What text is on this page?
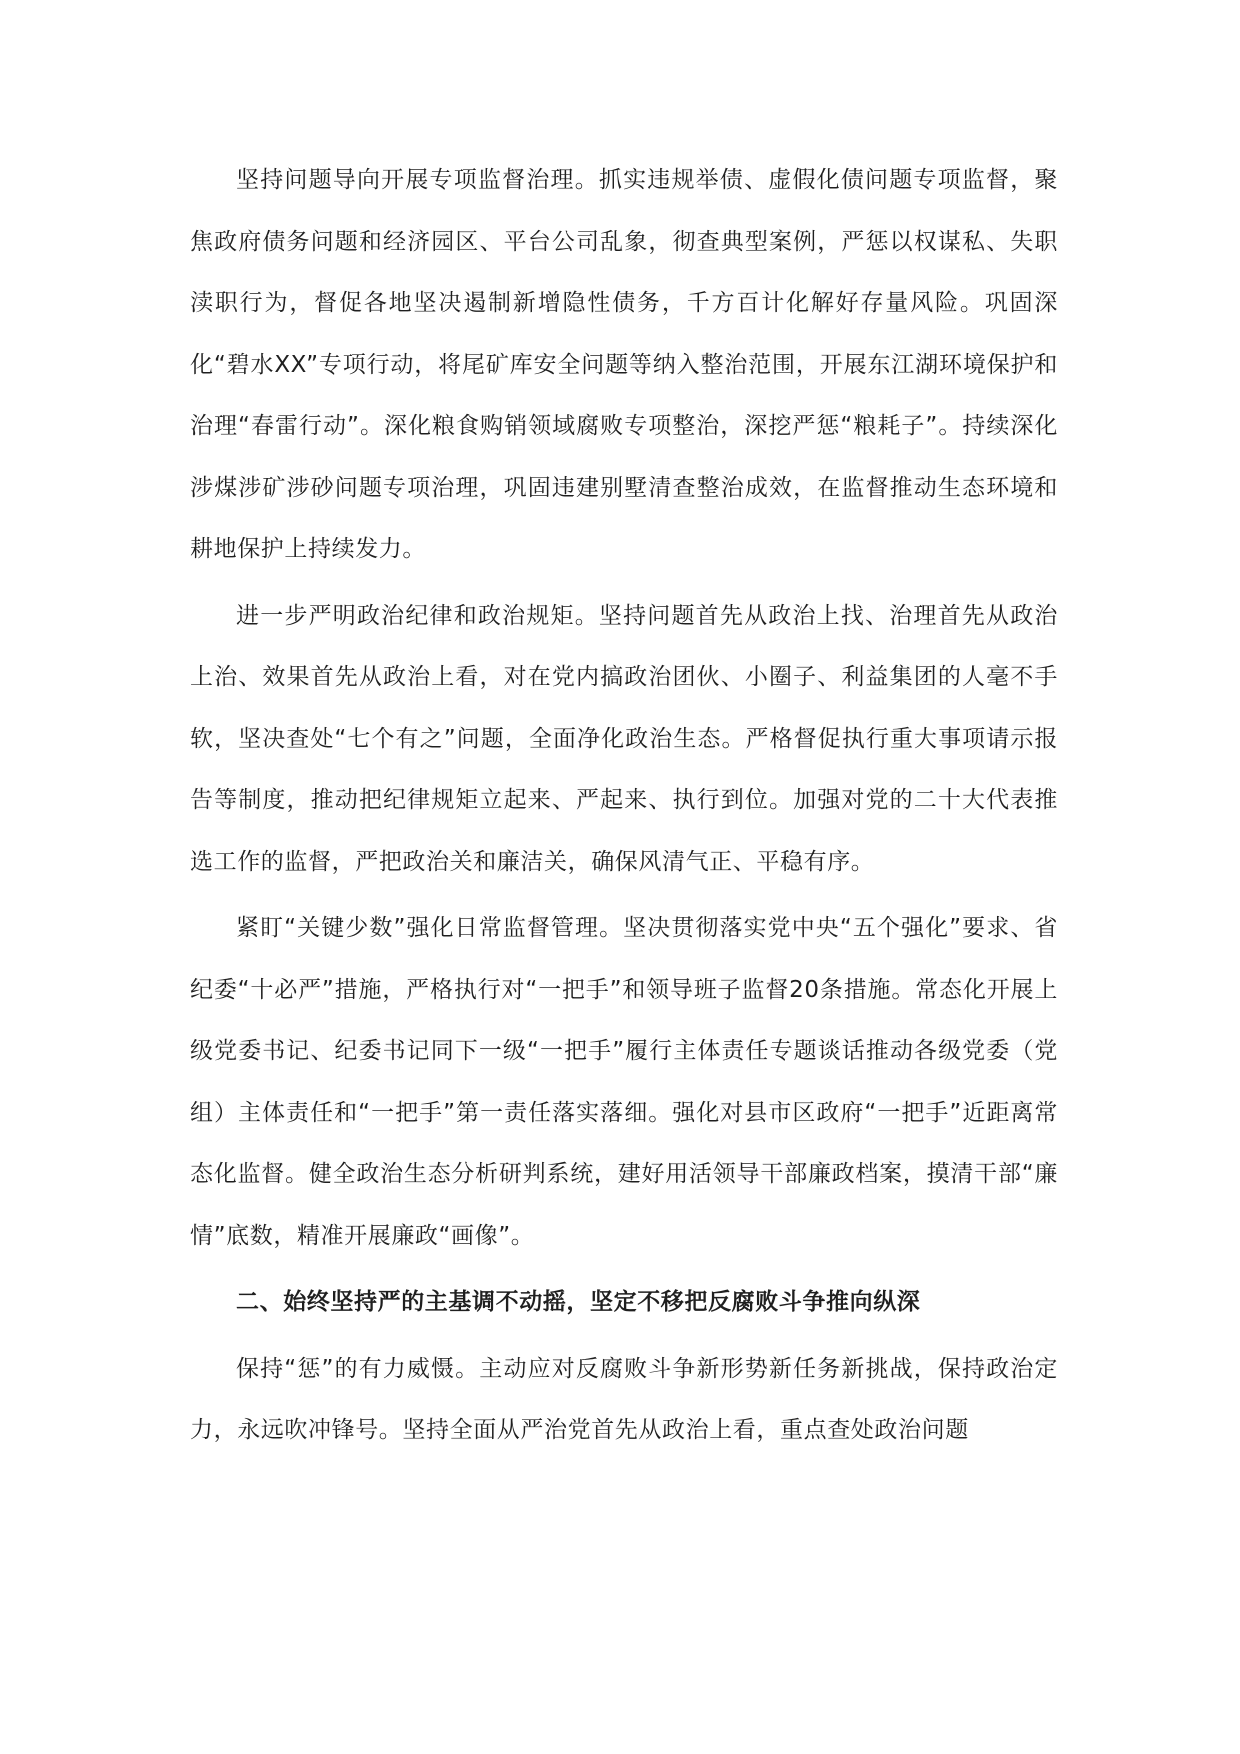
坚持问题导向开展专项监督治理。抓实违规举债、虚假化债问题专项监督，聚焦政府债务问题和经济园区、平台公司乱象，彻查典型案例，严惩以权谋私、失职渎职行为，督促各地坚决遏制新增隐性债务，千方百计化解好存量风险。巩固深化“碧水XX”专项行动，将尾矿库安全问题等纳入整治范围，开展东江湖环境保护和治理“春雷行动”。深化粮食购销领域腐败专项整治，深挖严惩“粮耗子”。持续深化涉煤涉矿涉砂问题专项治理，巩固违建别墅清查整治成效，在监督推动生态环境和耕地保护上持续发力。

进一步严明政治纪律和政治规矩。坚持问题首先从政治上找、治理首先从政治上治、效果首先从政治上看，对在党内搞政治团伙、小圈子、利益集团的人毫不手软，坚决查处“七个有之”问题，全面净化政治生态。严格督促执行重大事项请示报告等制度，推动把纪律规矩立起来、严起来、执行到位。加强对党的二十大代表推选工作的监督，严把政治关和廉洁关，确保风清气正、平稳有序。

紧盯“关键少数”强化日常监督管理。坚决贯彻落实党中央“五个强化”要求、省纪委“十必严”措施，严格执行对“一把手”和领导班子监督20条措施。常态化开展上级党委书记、纪委书记同下一级“一把手”履行主体责任专题谈话推动各级党委（党组）主体责任和“一把手”第一责任落实落细。强化对县市区政府“一把手”近距离常态化监督。健全政治生态分析研判系统，建好用活领导干部廉政档案，摸清干部“廉情”底数，精准开展廉政“画像”。

二、始终坚持严的主基调不动摇，坚定不移把反腐败斗争推向纵深

保持“惩”的有力威慑。主动应对反腐败斗争新形势新任务新挑战，保持政治定力，永远吹冲锋号。坚持全面从严治党首先从政治上看，重点查处政治问题
